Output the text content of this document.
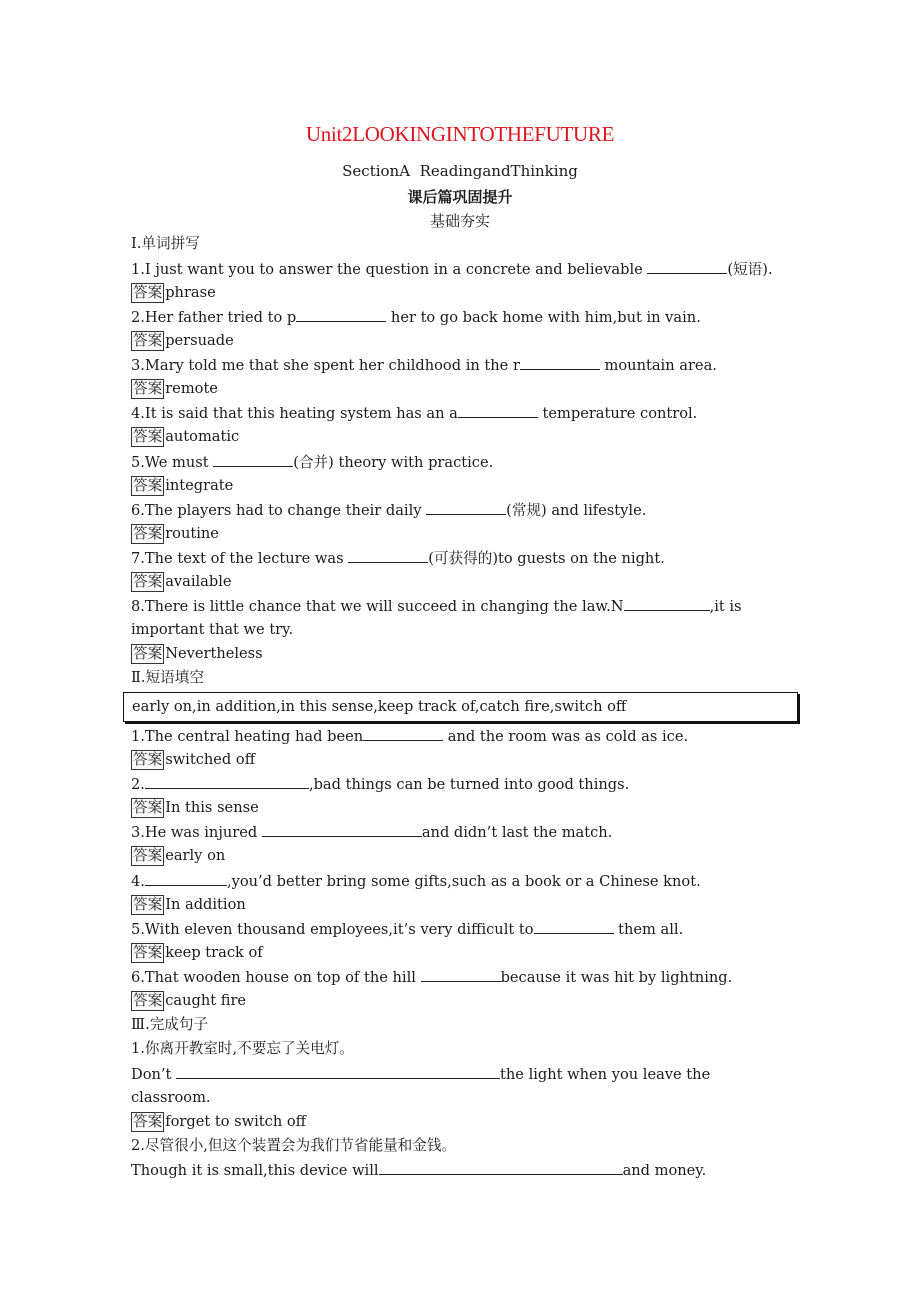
Unit2LOOKINGINTOTHEFUTURE
SectionA  ReadingandThinking
课后篇巩固提升
基础夯实
Ⅰ.单词拼写
1.I just want you to answer the question in a concrete and believable	(短语).
答案 phrase
2.Her father tried to p	her to go back home with him,but in vain.
答案 persuade
3.Mary told me that she spent her childhood in the r	mountain area.
答案 remote
4.It is said that this heating system has an a	temperature control.
答案 automatic
5.We must	(合并) theory with practice.
答案 integrate
6.The players had to change their daily	(常规) and lifestyle.
答案 routine
7.The text of the lecture was	(可获得的)to guests on the night.
答案 available
8.There is little chance that we will succeed in changing the law.N	,it is
important that we try.
答案 Nevertheless
Ⅱ.短语填空
early on,in addition,in this sense,keep track of,catch fire,switch off
1.The central heating had been	and the room was as cold as ice.
答案 switched off
2.	,bad things can be turned into good things.
答案 In this sense
3.He was injured	and didn’t last the match.
答案 early on
4.	,you’d better bring some gifts,such as a book or a Chinese knot.
答案 In addition
5.With eleven thousand employees,it’s very difficult to	them all.
答案 keep track of
6.That wooden house on top of the hill	because it was hit by lightning.
答案 caught fire
Ⅲ.完成句子
1.你离开教室时,不要忘了关电灯。
Don’t	the light when you leave the
classroom.
答案 forget to switch off
2.尽管很小,但这个装置会为我们节省能量和金钱。
Though it is small,this device will	and money.
